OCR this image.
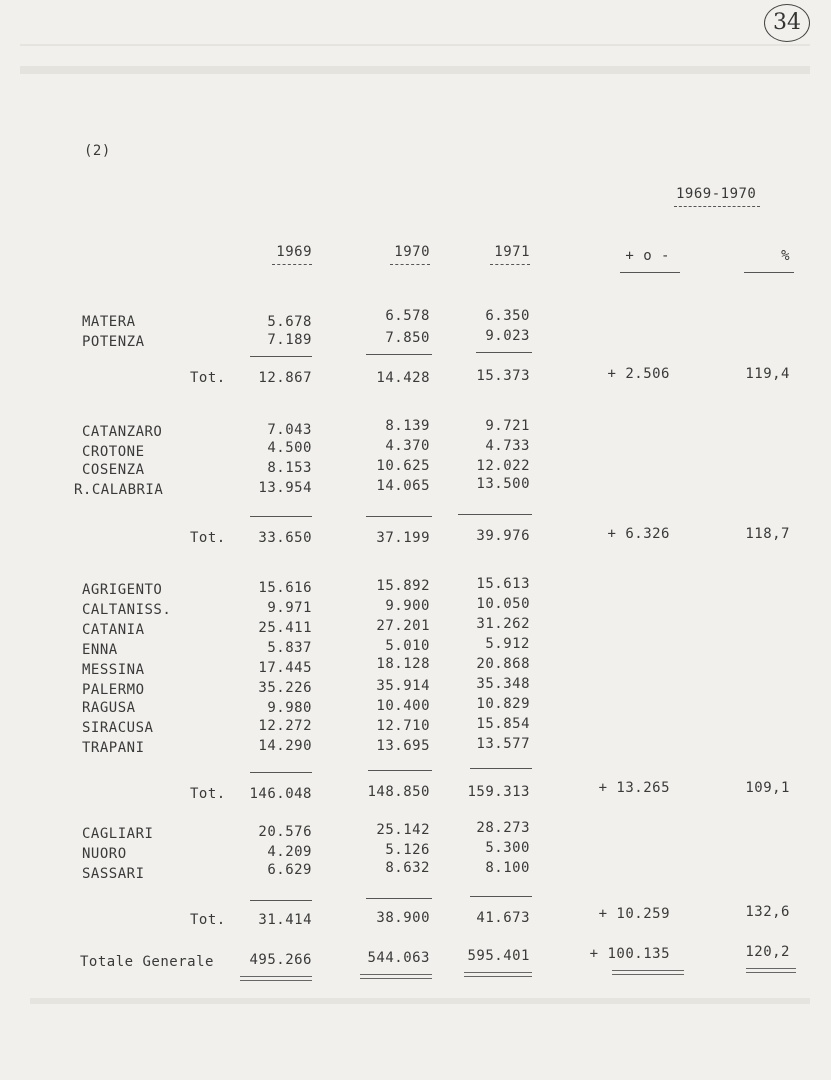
34
(2)
1969-1970
1969	1970	1971	+ o -	%
MATERA	5.678	6.578	6.350
POTENZA	7.189	7.850	9.023
Tot.	12.867	14.428	15.373	+ 2.506	119,4
CATANZARO	7.043	8.139	9.721
CROTONE	4.500	4.370	4.733
COSENZA	8.153	10.625	12.022
R.CALABRIA	13.954	14.065	13.500
Tot.	33.650	37.199	39.976	+ 6.326	118,7
AGRIGENTO	15.616	15.892	15.613
CALTANISS.	9.971	9.900	10.050
CATANIA	25.411	27.201	31.262
ENNA	5.837	5.010	5.912
MESSINA	17.445	18.128	20.868
PALERMO	35.226	35.914	35.348
RAGUSA	9.980	10.400	10.829
SIRACUSA	12.272	12.710	15.854
TRAPANI	14.290	13.695	13.577
Tot.	146.048	148.850	159.313	+ 13.265	109,1
CAGLIARI	20.576	25.142	28.273
NUORO	4.209	5.126	5.300
SASSARI	6.629	8.632	8.100
Tot.	31.414	38.900	41.673	+ 10.259	132,6
Totale Generale	495.266	544.063	595.401	+ 100.135	120,2
